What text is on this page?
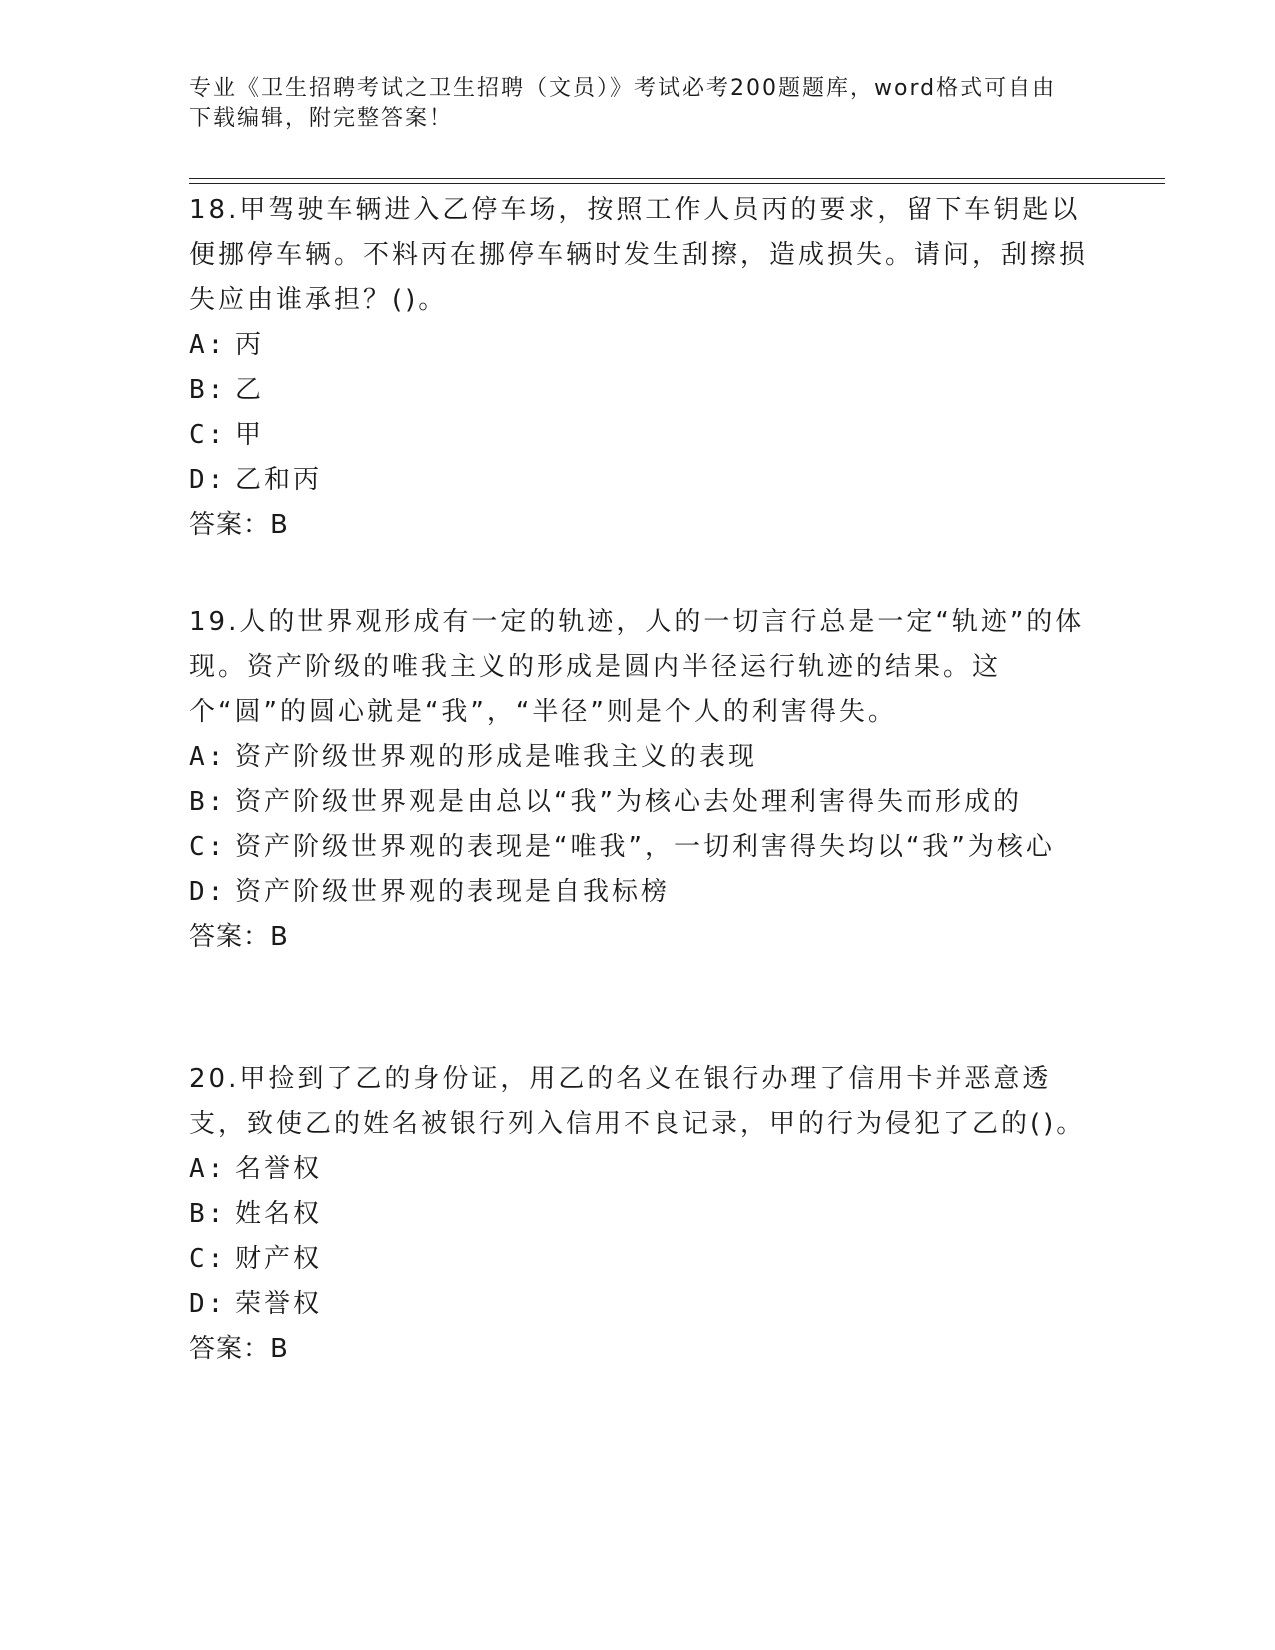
专业《卫生招聘考试之卫生招聘（文员）》考试必考200题题库，word格式可自由下载编辑，附完整答案！

18.甲驾驶车辆进入乙停车场，按照工作人员丙的要求，留下车钥匙以便挪停车辆。不料丙在挪停车辆时发生刮擦，造成损失。请问，刮擦损失应由谁承担？()。

A: 丙
B: 乙
C: 甲
D: 乙和丙

答案：B

19.人的世界观形成有一定的轨迹，人的一切言行总是一定“轨迹”的体现。资产阶级的唯我主义的形成是圆内半径运行轨迹的结果。这个“圆”的圆心就是“我”，“半径”则是个人的利害得失。

A: 资产阶级世界观的形成是唯我主义的表现
B: 资产阶级世界观是由总以“我”为核心去处理利害得失而形成的
C: 资产阶级世界观的表现是“唯我”，一切利害得失均以“我”为核心
D: 资产阶级世界观的表现是自我标榜

答案：B

20.甲捡到了乙的身份证，用乙的名义在银行办理了信用卡并恶意透支，致使乙的姓名被银行列入信用不良记录，甲的行为侵犯了乙的()。

A: 名誉权
B: 姓名权
C: 财产权
D: 荣誉权

答案：B
